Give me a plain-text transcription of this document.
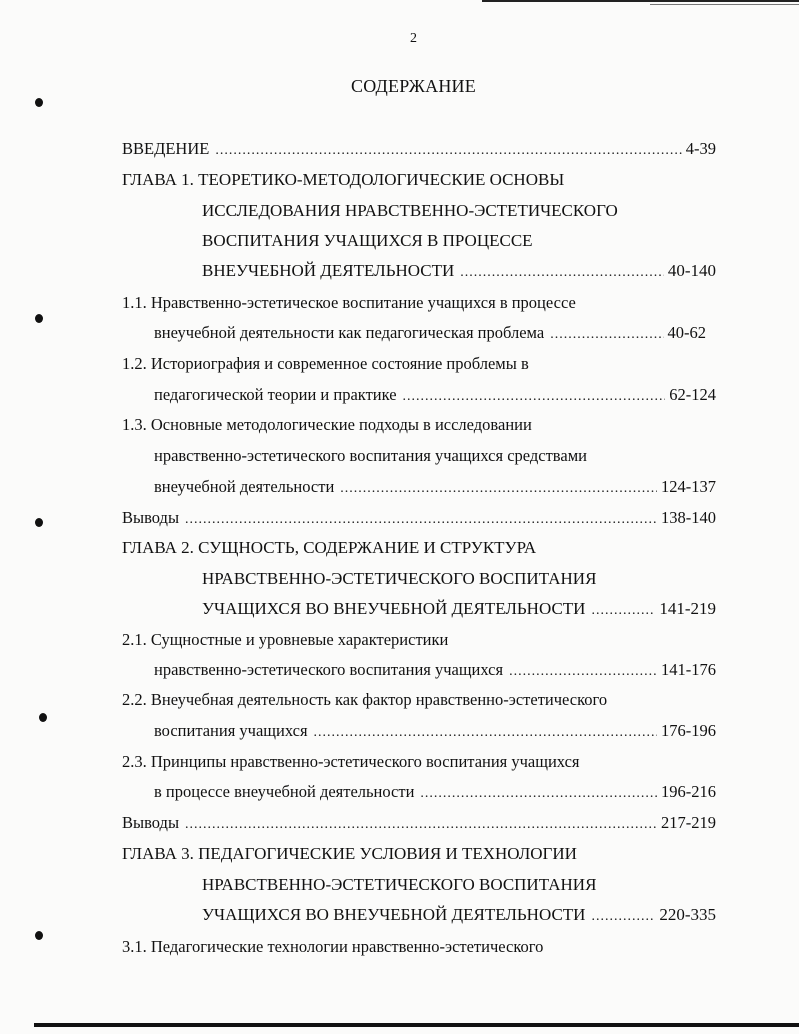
2
СОДЕРЖАНИЕ
ВВЕДЕНИЕ .....	4-39
ГЛАВА 1. ТЕОРЕТИКО-МЕТОДОЛОГИЧЕСКИЕ ОСНОВЫ
ИССЛЕДОВАНИЯ НРАВСТВЕННО-ЭСТЕТИЧЕСКОГО
ВОСПИТАНИЯ УЧАЩИХСЯ В ПРОЦЕССЕ
ВНЕУЧЕБНОЙ ДЕЯТЕЛЬНОСТИ .....	40-140
1.1. Нравственно-эстетическое воспитание учащихся в процессе
внеучебной деятельности как педагогическая проблема .....	40-62
1.2. Историография и современное состояние проблемы в
педагогической теории и практике .....	62-124
1.3. Основные методологические подходы в исследовании
нравственно-эстетического воспитания учащихся средствами
внеучебной деятельности .....	124-137
Выводы .....	138-140
ГЛАВА 2. СУЩНОСТЬ, СОДЕРЖАНИЕ И СТРУКТУРА
НРАВСТВЕННО-ЭСТЕТИЧЕСКОГО ВОСПИТАНИЯ
УЧАЩИХСЯ ВО ВНЕУЧЕБНОЙ ДЕЯТЕЛЬНОСТИ .....	141-219
2.1. Сущностные и уровневые характеристики
нравственно-эстетического воспитания учащихся .....	141-176
2.2. Внеучебная деятельность как фактор нравственно-эстетического
воспитания учащихся .....	176-196
2.3. Принципы нравственно-эстетического воспитания учащихся
в процессе внеучебной деятельности .....	196-216
Выводы .....	217-219
ГЛАВА 3. ПЕДАГОГИЧЕСКИЕ УСЛОВИЯ И ТЕХНОЛОГИИ
НРАВСТВЕННО-ЭСТЕТИЧЕСКОГО ВОСПИТАНИЯ
УЧАЩИХСЯ ВО ВНЕУЧЕБНОЙ ДЕЯТЕЛЬНОСТИ .....	220-335
3.1. Педагогические технологии нравственно-эстетического
